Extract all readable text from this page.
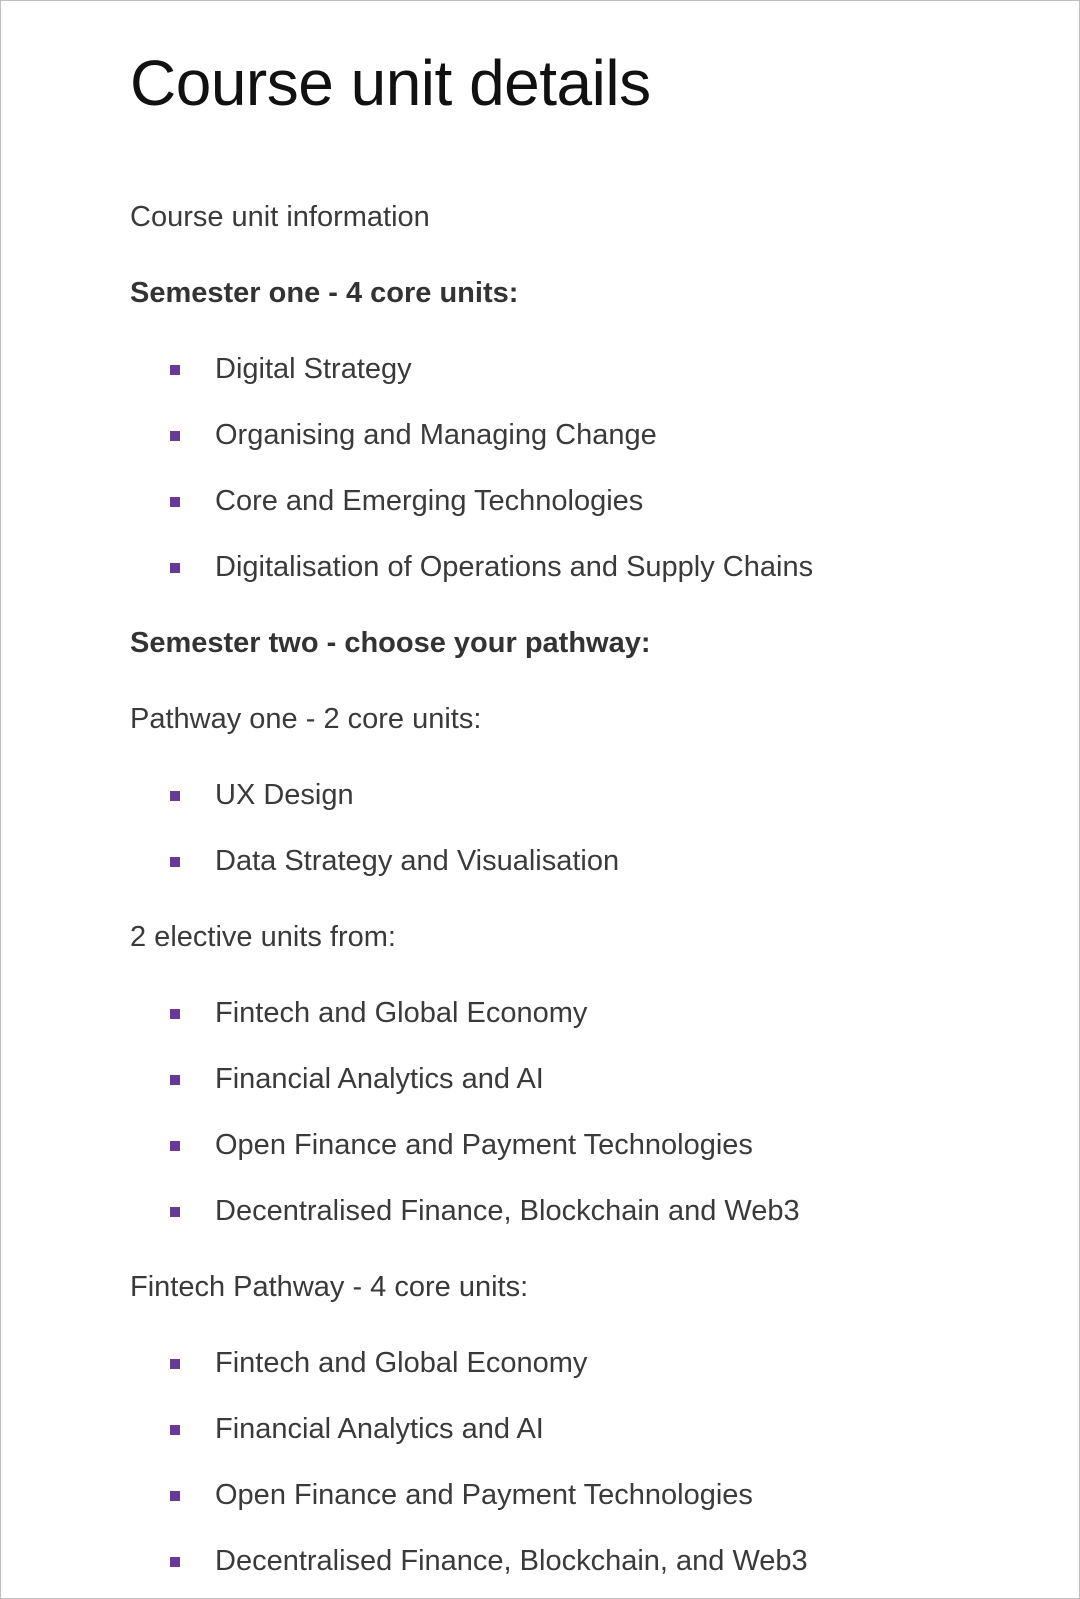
Course unit details

Course unit information

Semester one - 4 core units:

Digital Strategy
Organising and Managing Change
Core and Emerging Technologies
Digitalisation of Operations and Supply Chains

Semester two - choose your pathway:

Pathway one - 2 core units:

UX Design
Data Strategy and Visualisation

2 elective units from:

Fintech and Global Economy
Financial Analytics and AI
Open Finance and Payment Technologies
Decentralised Finance, Blockchain and Web3

Fintech Pathway - 4 core units:

Fintech and Global Economy
Financial Analytics and AI
Open Finance and Payment Technologies
Decentralised Finance, Blockchain, and Web3
